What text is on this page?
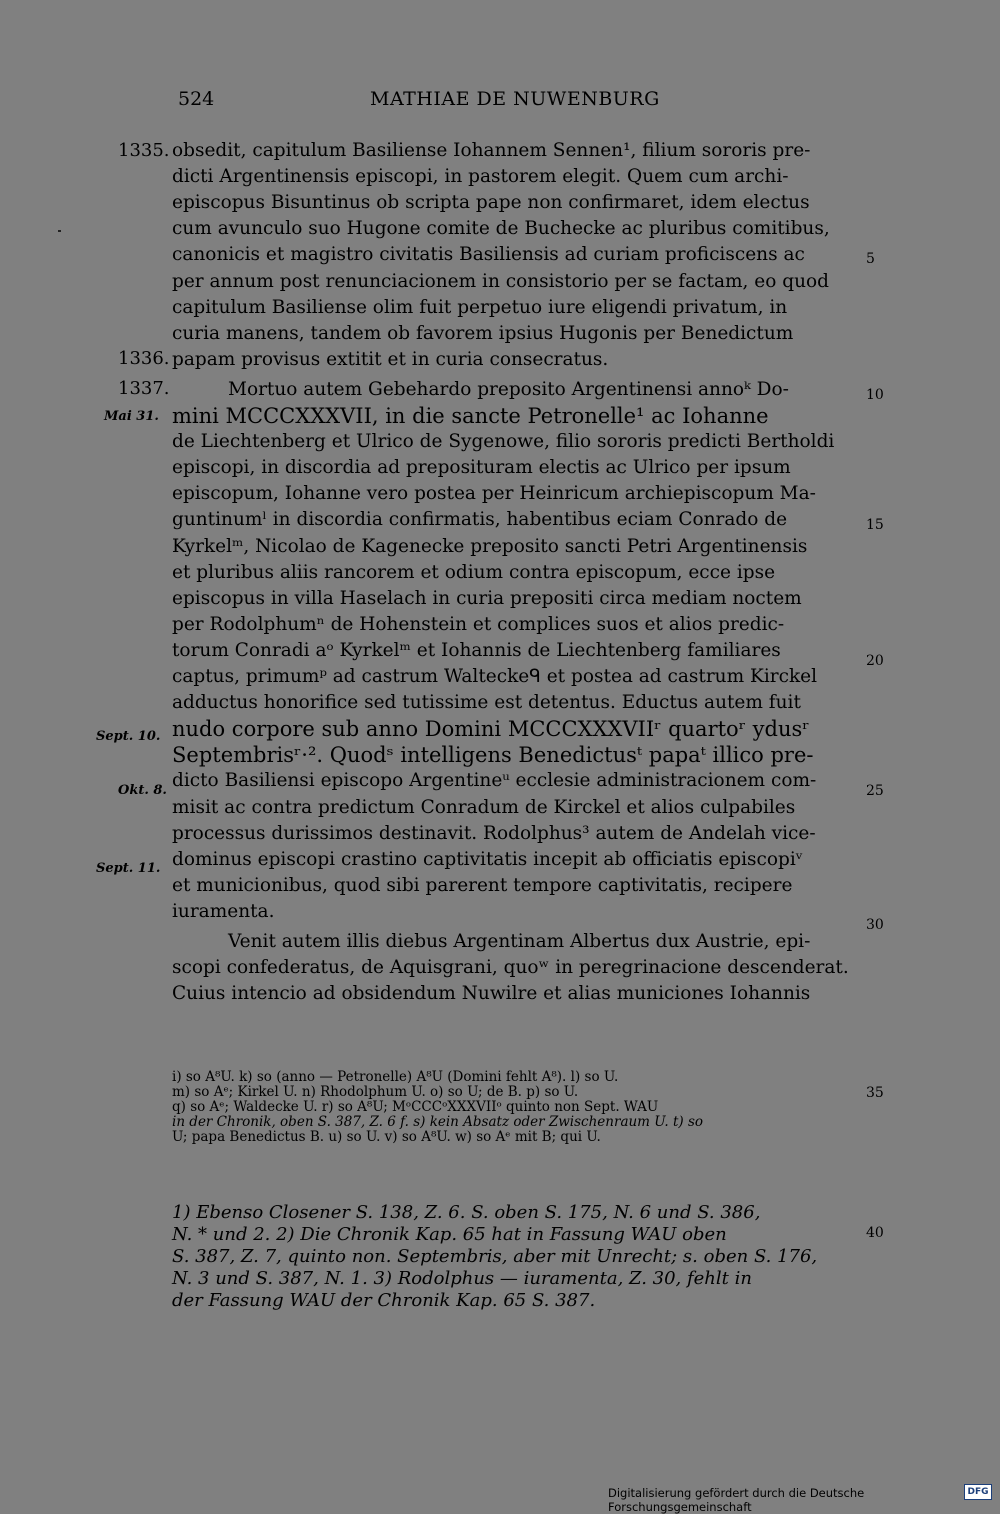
524	MATHIAE DE NUWENBURG
1335.
1336.
1337.
Mai 31.
Sept. 10.
Okt. 8.
Sept. 11.
obsedit, capitulum Basiliense Iohannem Sennen¹, filium sororis pre-
dicti Argentinensis episcopi, in pastorem elegit. Quem cum archi-
episcopus Bisuntinus ob scripta pape non confirmaret, idem electus
cum avunculo suo Hugone comite de Buchecke ac pluribus comitibus,
canonicis et magistro civitatis Basiliensis ad curiam proficiscens ac
per annum post renunciacionem in consistorio per se factam, eo quod
capitulum Basiliense olim fuit perpetuo iure eligendi privatum, in
curia manens, tandem ob favorem ipsius Hugonis per Benedictum
papam provisus extitit et in curia consecratus.
Mortuo autem Gebehardo preposito Argentinensi annoᵏ Do-
mini MCCCXXXVII, in die sancte Petronelle¹ ac Iohanne
de Liechtenberg et Ulrico de Sygenowe, filio sororis predicti Bertholdi
episcopi, in discordia ad preposituram electis ac Ulrico per ipsum
episcopum, Iohanne vero postea per Heinricum archiepiscopum Ma-
guntinumˡ in discordia confirmatis, habentibus eciam Conrado de
Kyrkelᵐ, Nicolao de Kagenecke preposito sancti Petri Argentinensis
et pluribus aliis rancorem et odium contra episcopum, ecce ipse
episcopus in villa Haselach in curia prepositi circa mediam noctem
per Rodolphumⁿ de Hohenstein et complices suos et alios predic-
torum Conradi aᵒ Kyrkelᵐ et Iohannis de Liechtenberg familiares
captus, primumᵖ ad castrum Walteckeᑫ et postea ad castrum Kirckel
adductus honorifice sed tutissime est detentus. Eductus autem fuit
nudo corpore sub anno Domini MCCCXXXVIIʳ quartoʳ ydusʳ
Septembrisʳ·². Quodˢ intelligens Benedictusᵗ papaᵗ illico pre-
dicto Basiliensi episcopo Argentineᵘ ecclesie administracionem com-
misit ac contra predictum Conradum de Kirckel et alios culpabiles
processus durissimos destinavit. Rodolphus³ autem de Andelah vice-
dominus episcopi crastino captivitatis incepit ab officiatis episcopiᵛ
et municionibus, quod sibi parerent tempore captivitatis, recipere
iuramenta.
Venit autem illis diebus Argentinam Albertus dux Austrie, epi-
scopi confederatus, de Aquisgrani, quoʷ in peregrinacione descenderat.
Cuius intencio ad obsidendum Nuwilre et alias municiones Iohannis
5
10
15
20
25
30
35
40
i) so A⁸U. k) so (anno — Petronelle) A⁸U (Domini fehlt A⁸). l) so U.
m) so Aᵉ; Kirkel U. n) Rhodolphum U. o) so U; de B. p) so U.
q) so Aᵉ; Waldecke U. r) so A⁸U; MᵒCCCᵒXXXVIIᵒ quinto non Sept. WAU
in der Chronik, oben S. 387, Z. 6 f. s) kein Absatz oder Zwischenraum U. t) so
U; papa Benedictus B. u) so U. v) so A⁸U. w) so Aᵉ mit B; qui U.
1) Ebenso Closener S. 138, Z. 6. S. oben S. 175, N. 6 und S. 386,
N. * und 2. 2) Die Chronik Kap. 65 hat in Fassung WAU oben
S. 387, Z. 7, quinto non. Septembris, aber mit Unrecht; s. oben S. 176,
N. 3 und S. 387, N. 1. 3) Rodolphus — iuramenta, Z. 30, fehlt in
der Fassung WAU der Chronik Kap. 65 S. 387.
Digitalisierung gefördert durch die Deutsche Forschungsgemeinschaft
DFG
